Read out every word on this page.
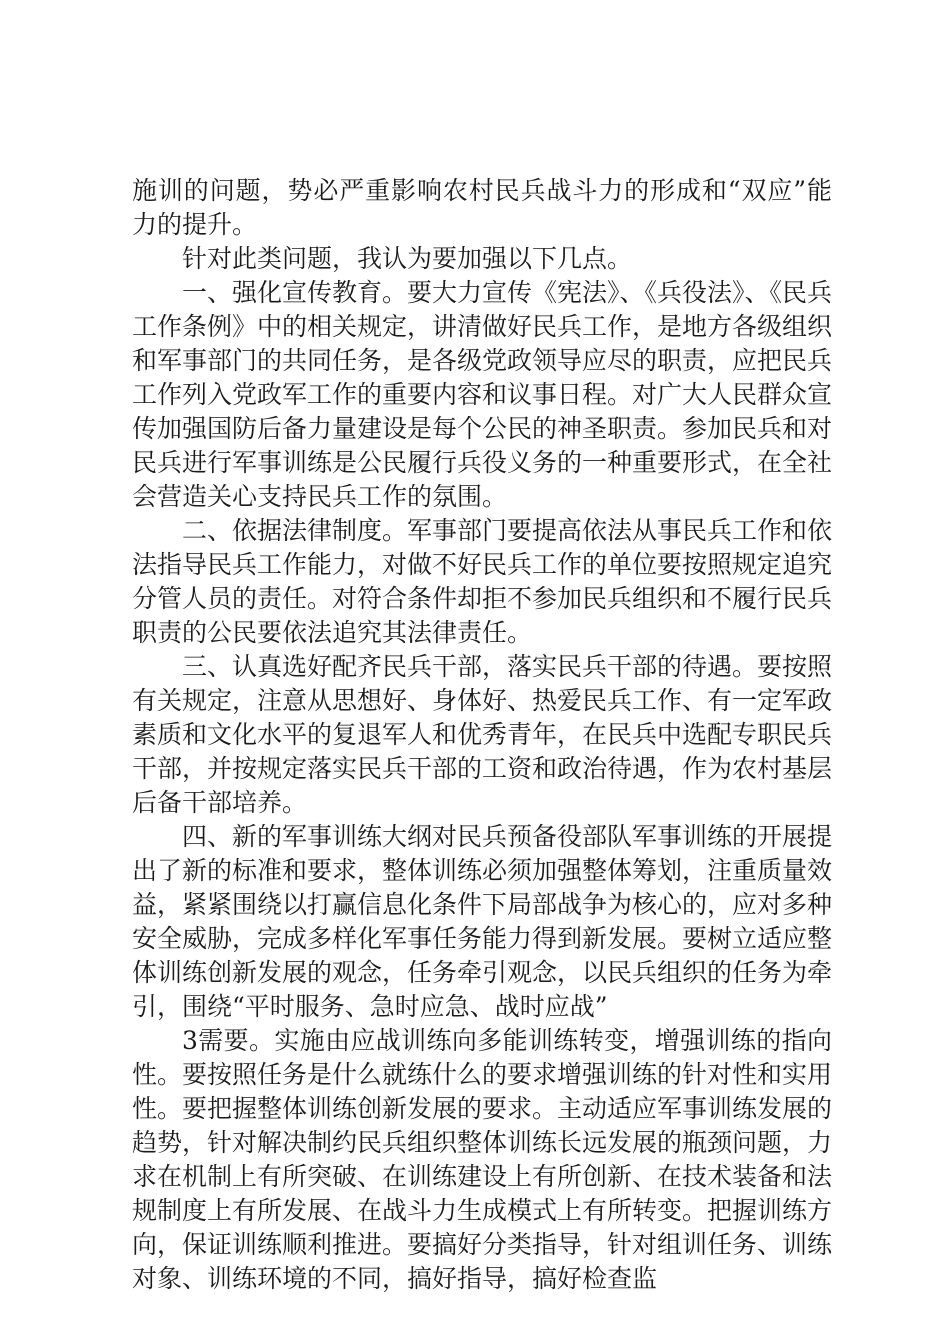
施训的问题，势必严重影响农村民兵战斗力的形成和“双应”能力的提升。

针对此类问题，我认为要加强以下几点。

一、强化宣传教育。要大力宣传《宪法》、《兵役法》、《民兵工作条例》中的相关规定，讲清做好民兵工作，是地方各级组织和军事部门的共同任务，是各级党政领导应尽的职责，应把民兵工作列入党政军工作的重要内容和议事日程。对广大人民群众宣传加强国防后备力量建设是每个公民的神圣职责。参加民兵和对民兵进行军事训练是公民履行兵役义务的一种重要形式，在全社会营造关心支持民兵工作的氛围。

二、依据法律制度。军事部门要提高依法从事民兵工作和依法指导民兵工作能力，对做不好民兵工作的单位要按照规定追究分管人员的责任。对符合条件却拒不参加民兵组织和不履行民兵职责的公民要依法追究其法律责任。

三、认真选好配齐民兵干部，落实民兵干部的待遇。要按照有关规定，注意从思想好、身体好、热爱民兵工作、有一定军政素质和文化水平的复退军人和优秀青年，在民兵中选配专职民兵干部，并按规定落实民兵干部的工资和政治待遇，作为农村基层后备干部培养。

四、新的军事训练大纲对民兵预备役部队军事训练的开展提出了新的标准和要求，整体训练必须加强整体筹划，注重质量效益，紧紧围绕以打赢信息化条件下局部战争为核心的，应对多种安全威胁，完成多样化军事任务能力得到新发展。要树立适应整体训练创新发展的观念，任务牵引观念，以民兵组织的任务为牵引，围绕“平时服务、急时应急、战时应战”

3需要。实施由应战训练向多能训练转变，增强训练的指向性。要按照任务是什么就练什么的要求增强训练的针对性和实用性。要把握整体训练创新发展的要求。主动适应军事训练发展的趋势，针对解决制约民兵组织整体训练长远发展的瓶颈问题，力求在机制上有所突破、在训练建设上有所创新、在技术装备和法规制度上有所发展、在战斗力生成模式上有所转变。把握训练方向，保证训练顺利推进。要搞好分类指导，针对组训任务、训练对象、训练环境的不同，搞好指导，搞好检查监
